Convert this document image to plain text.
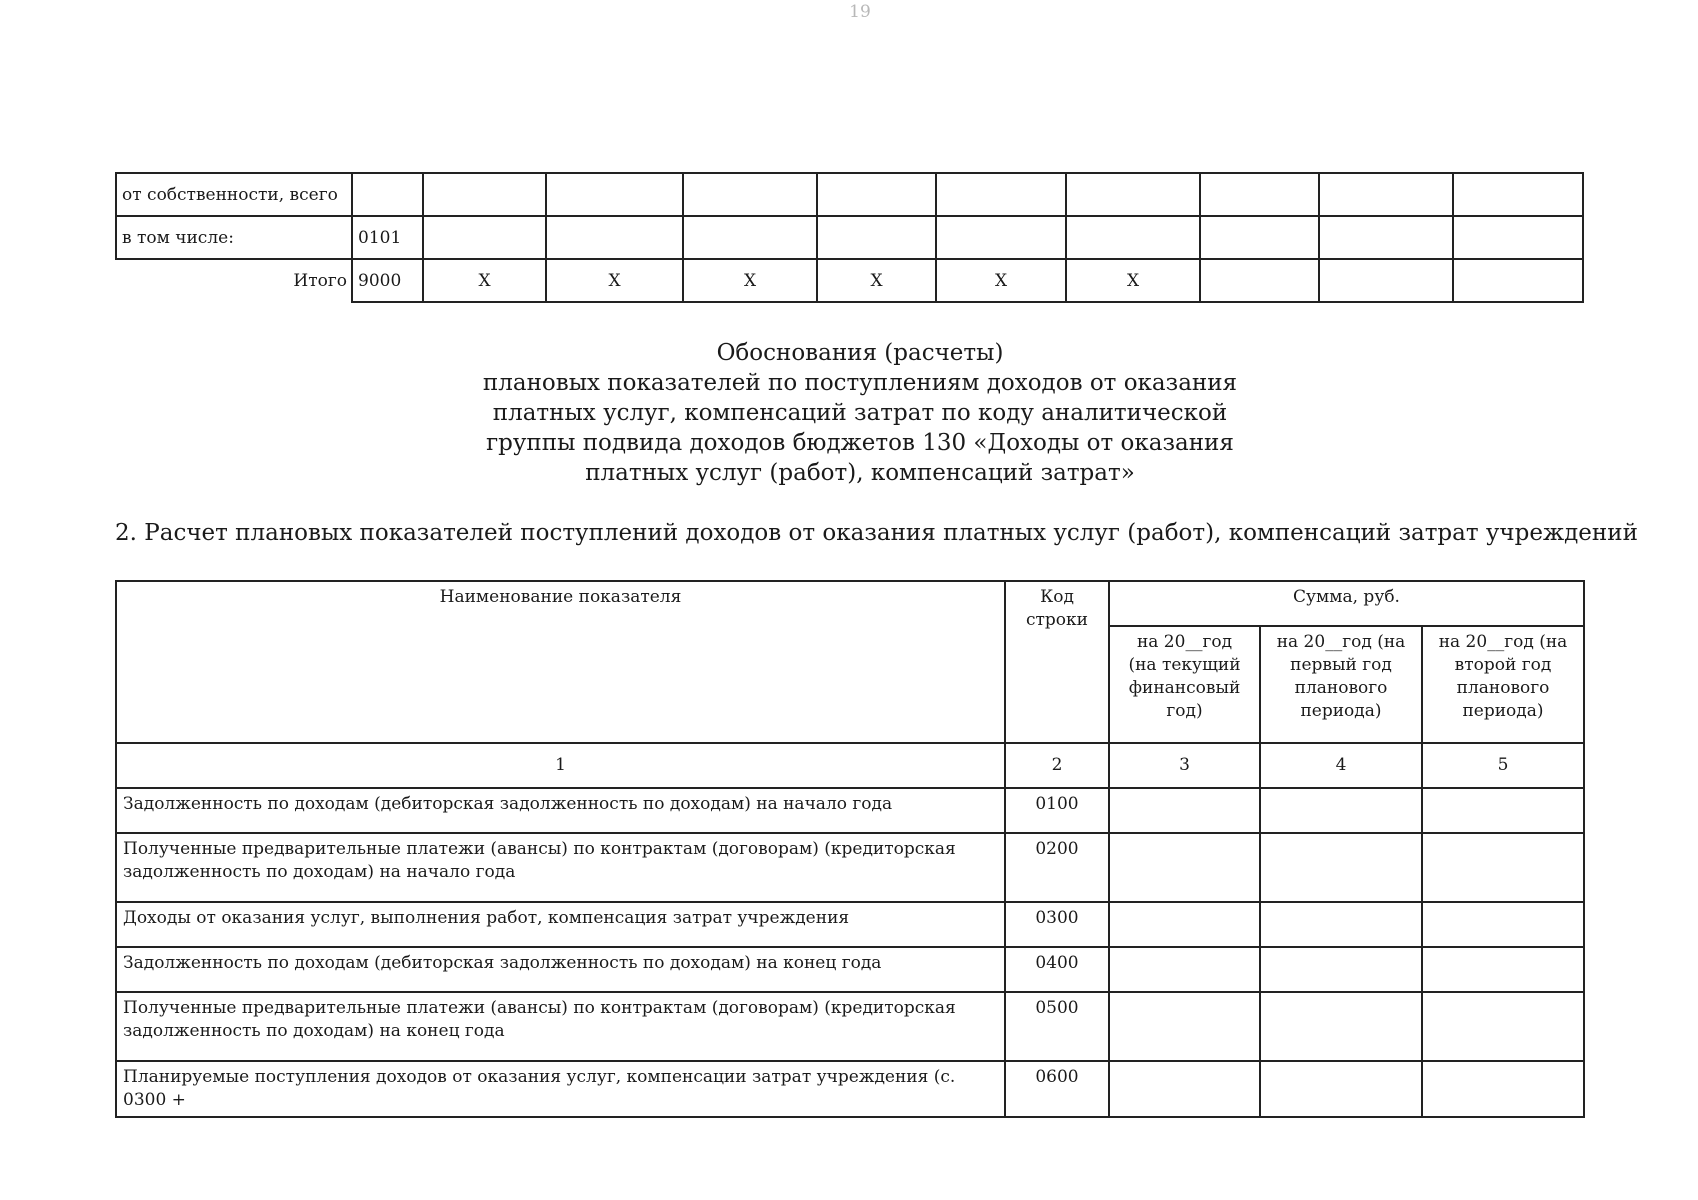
19
от собственности, всего										
в том числе:	0101									
Итого	9000	X	X	X	X	X	X			
Обоснования (расчеты)
плановых показателей по поступлениям доходов от оказания
платных услуг, компенсаций затрат по коду аналитической
группы подвида доходов бюджетов 130 «Доходы от оказания
платных услуг (работ), компенсаций затрат»
2. Расчет плановых показателей поступлений доходов от оказания платных услуг (работ), компенсаций затрат учреждений
Наименование показателя	Код строки	Сумма, руб.		
		на 20__год (на текущий финансовый год)	на 20__год (на первый год планового периода)	на 20__год (на второй год планового периода)
1	2	3	4	5
Задолженность по доходам (дебиторская задолженность по доходам) на начало года	0100			
Полученные предварительные платежи (авансы) по контрактам (договорам) (кредиторская задолженность по доходам) на начало года	0200			
Доходы от оказания услуг, выполнения работ, компенсация затрат учреждения	0300			
Задолженность по доходам (дебиторская задолженность по доходам) на конец года	0400			
Полученные предварительные платежи (авансы) по контрактам (договорам) (кредиторская задолженность по доходам) на конец года	0500			
Планируемые поступления доходов от оказания услуг, компенсации затрат учреждения (с. 0300 +	0600			
